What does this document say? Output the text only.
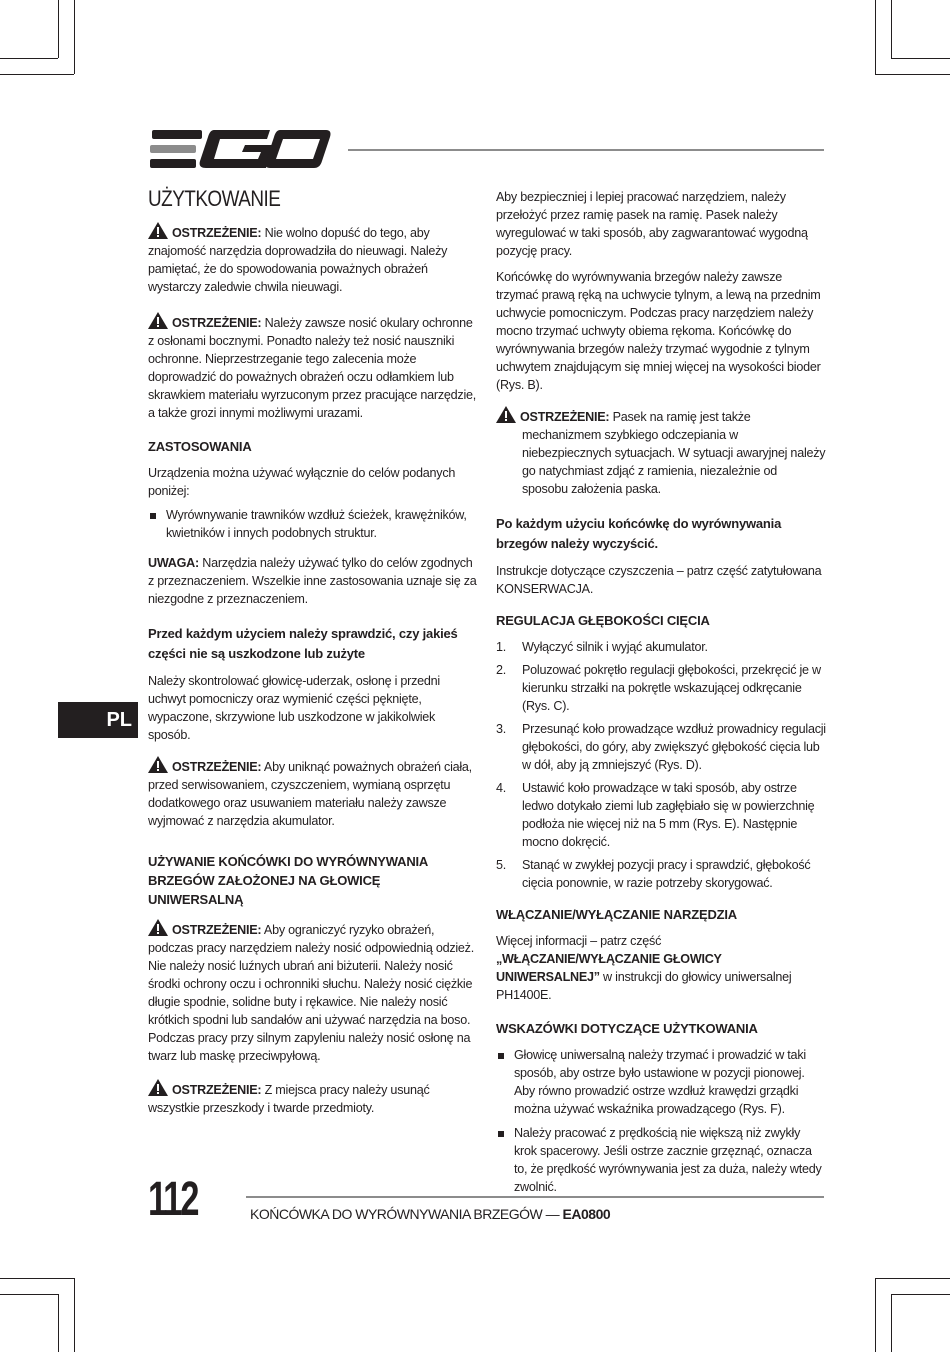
UŻYTKOWANIE
OSTRZEŻENIE: Nie wolno dopuść do tego, aby znajomość narzędzia doprowadziła do nieuwagi. Należy pamiętać, że do spowodowania poważnych obrażeń wystarczy zaledwie chwila nieuwagi.
OSTRZEŻENIE: Należy zawsze nosić okulary ochronne z osłonami bocznymi. Ponadto należy też nosić nauszniki ochronne. Nieprzestrzeganie tego zalecenia może doprowadzić do poważnych obrażeń oczu odłamkiem lub skrawkiem materiału wyrzuconym przez pracujące narzędzie, a także grozi innymi możliwymi urazami.
ZASTOSOWANIA
Urządzenia można używać wyłącznie do celów podanych poniżej:
Wyrównywanie trawników wzdłuż ścieżek, krawężników, kwietników i innych podobnych struktur.
UWAGA: Narzędzia należy używać tylko do celów zgodnych z przeznaczeniem. Wszelkie inne zastosowania uznaje się za niezgodne z przeznaczeniem.
Przed każdym użyciem należy sprawdzić, czy jakieś części nie są uszkodzone lub zużyte
Należy skontrolować głowicę-uderzak, osłonę i przedni uchwyt pomocniczy oraz wymienić części pęknięte, wypaczone, skrzywione lub uszkodzone w jakikolwiek sposób.
OSTRZEŻENIE: Aby uniknąć poważnych obrażeń ciała, przed serwisowaniem, czyszczeniem, wymianą osprzętu dodatkowego oraz usuwaniem materiału należy zawsze wyjmować z narzędzia akumulator.
UŻYWANIE KOŃCÓWKI DO WYRÓWNYWANIA BRZEGÓW ZAŁOŻONEJ NA GŁOWICĘ UNIWERSALNĄ
OSTRZEŻENIE: Aby ograniczyć ryzyko obrażeń, podczas pracy narzędziem należy nosić odpowiednią odzież. Nie należy nosić luźnych ubrań ani biżuterii. Należy nosić środki ochrony oczu i ochronniki słuchu. Należy nosić ciężkie długie spodnie, solidne buty i rękawice. Nie należy nosić krótkich spodni lub sandałów ani używać narzędzia na boso. Podczas pracy przy silnym zapyleniu należy nosić osłonę na twarz lub maskę przeciwpyłową.
OSTRZEŻENIE: Z miejsca pracy należy usunąć wszystkie przeszkody i twarde przedmioty.
Aby bezpieczniej i lepiej pracować narzędziem, należy przełożyć przez ramię pasek na ramię. Pasek należy wyregulować w taki sposób, aby zagwarantować wygodną pozycję pracy.
Końcówkę do wyrównywania brzegów należy zawsze trzymać prawą ręką na uchwycie tylnym, a lewą na przednim uchwycie pomocniczym. Podczas pracy narzędziem należy mocno trzymać uchwyty obiema rękoma. Końcówkę do wyrównywania brzegów należy trzymać wygodnie z tylnym uchwytem znajdującym się mniej więcej na wysokości bioder (Rys. B).
OSTRZEŻENIE: Pasek na ramię jest także mechanizmem szybkiego odczepiania w niebezpiecznych sytuacjach. W sytuacji awaryjnej należy go natychmiast zdjąć z ramienia, niezależnie od sposobu założenia paska.
Po każdym użyciu końcówkę do wyrównywania brzegów należy wyczyścić.
Instrukcje dotyczące czyszczenia – patrz część zatytułowana KONSERWACJA.
REGULACJA GŁĘBOKOŚCI CIĘCIA
1. Wyłączyć silnik i wyjąć akumulator.
2. Poluzować pokrętło regulacji głębokości, przekręcić je w kierunku strzałki na pokrętle wskazującej odkręcanie (Rys. C).
3. Przesunąć koło prowadzące wzdłuż prowadnicy regulacji głębokości, do góry, aby zwiększyć głębokość cięcia lub w dół, aby ją zmniejszyć (Rys. D).
4. Ustawić koło prowadzące w taki sposób, aby ostrze ledwo dotykało ziemi lub zagłębiało się w powierzchnię podłoża nie więcej niż na 5 mm (Rys. E). Następnie mocno dokręcić.
5. Stanąć w zwykłej pozycji pracy i sprawdzić, głębokość cięcia ponownie, w razie potrzeby skorygować.
WŁĄCZANIE/WYŁĄCZANIE NARZĘDZIA
Więcej informacji – patrz część „WŁĄCZANIE/WYŁĄCZANIE GŁOWICY UNIWERSALNEJ” w instrukcji do głowicy uniwersalnej PH1400E.
WSKAZÓWKI DOTYCZĄCE UŻYTKOWANIA
Głowicę uniwersalną należy trzymać i prowadzić w taki sposób, aby ostrze było ustawione w pozycji pionowej. Aby równo prowadzić ostrze wzdłuż krawędzi grządki można używać wskaźnika prowadzącego (Rys. F).
Należy pracować z prędkością nie większą niż zwykły krok spacerowy. Jeśli ostrze zacznie grzęznąć, oznacza to, że prędkość wyrównywania jest za duża, należy wtedy zwolnić.
PL
112	KOŃCÓWKA DO WYRÓWNYWANIA BRZEGÓW — EA0800
